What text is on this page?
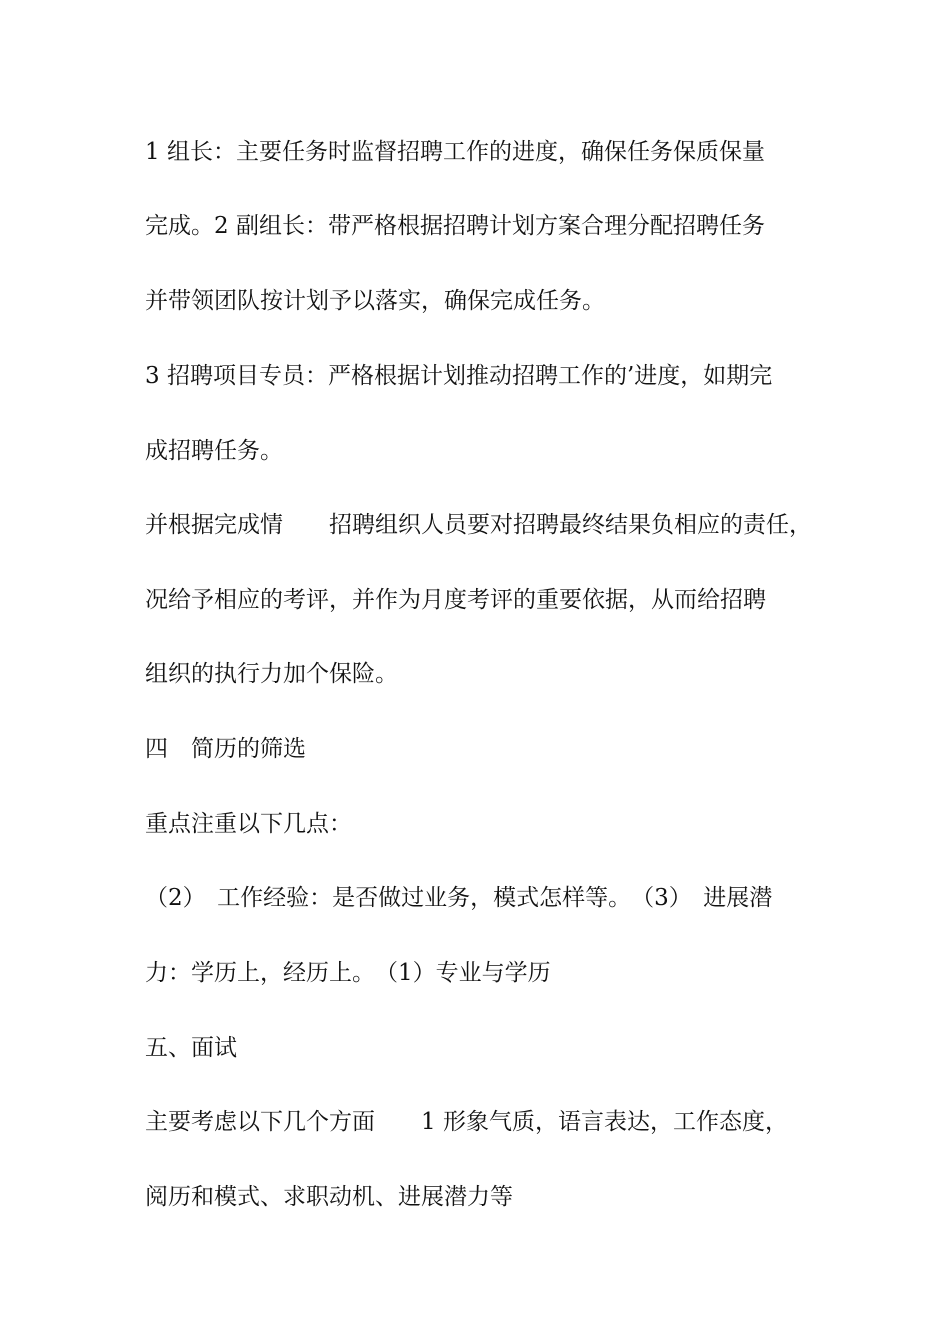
1 组长：主要任务时监督招聘工作的进度，确保任务保质保量
完成。2 副组长：带严格根据招聘计划方案合理分配招聘任务
并带领团队按计划予以落实，确保完成任务。
3 招聘项目专员：严格根据计划推动招聘工作的’进度，如期完
成招聘任务。
并根据完成情　　招聘组织人员要对招聘最终结果负相应的责任，
况给予相应的考评，并作为月度考评的重要依据，从而给招聘
组织的执行力加个保险。
四　简历的筛选
重点注重以下几点：
（2）　工作经验：是否做过业务，模式怎样等。　（3）　进展潜
力：学历上，经历上。　（1）专业与学历
五、面试
主要考虑以下几个方面　　1 形象气质，语言表达，工作态度，
阅历和模式、求职动机、进展潜力等
